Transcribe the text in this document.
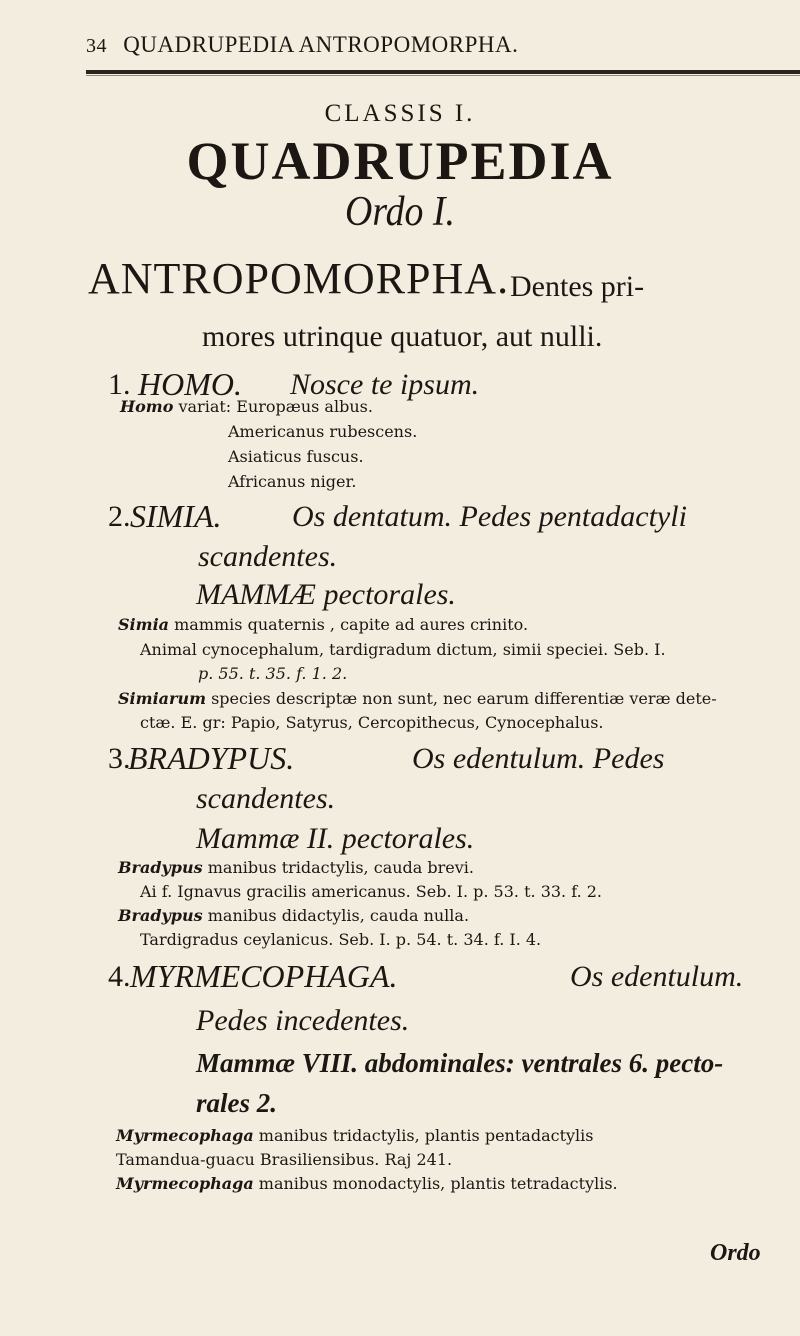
34 QUADRUPEDIA ANTROPOMORPHA.
CLASSIS I.
QUADRUPEDIA
Ordo I.
ANTROPOMORPHA. Dentes pri-
mores utrinque quatuor, aut nulli.
1. HOMO. Nosce te ipsum.
Homo variat: Europæus albus.
Americanus rubescens.
Asiaticus fuscus.
Africanus niger.
2. SIMIA. Os dentatum. Pedes pentadactyli
scandentes.
MAMMÆ pectorales.
Simia mammis quaternis , capite ad aures crinito.
Animal cynocephalum, tardigradum dictum, simii speciei. Seb. I.
p. 55. t. 35. f. 1. 2.
Simiarum species descriptæ non sunt, nec earum differentiæ veræ dete-
ctæ. E. gr: Papio, Satyrus, Cercopithecus, Cynocephalus.
3.
BRADYPUS.	Os edentulum. Pedes
scandentes.
Mammæ II. pectorales.
Bradypus manibus tridactylis, cauda brevi.
Ai f. Ignavus gracilis americanus. Seb. I. p. 53. t. 33. f. 2.
Bradypus manibus didactylis, cauda nulla.
Tardigradus ceylanicus. Seb. I. p. 54. t. 34. f. I. 4.
4. MYRMECOPHAGA.	Os edentulum.
Pedes incedentes.
Mammæ VIII. abdominales: ventrales 6. pecto-
rales 2.
Myrmecophaga manibus tridactylis, plantis pentadactylis
Tamandua-guacu Brasiliensibus. Raj 241.
Myrmecophaga manibus monodactylis, plantis tetradactylis.
Ordo
